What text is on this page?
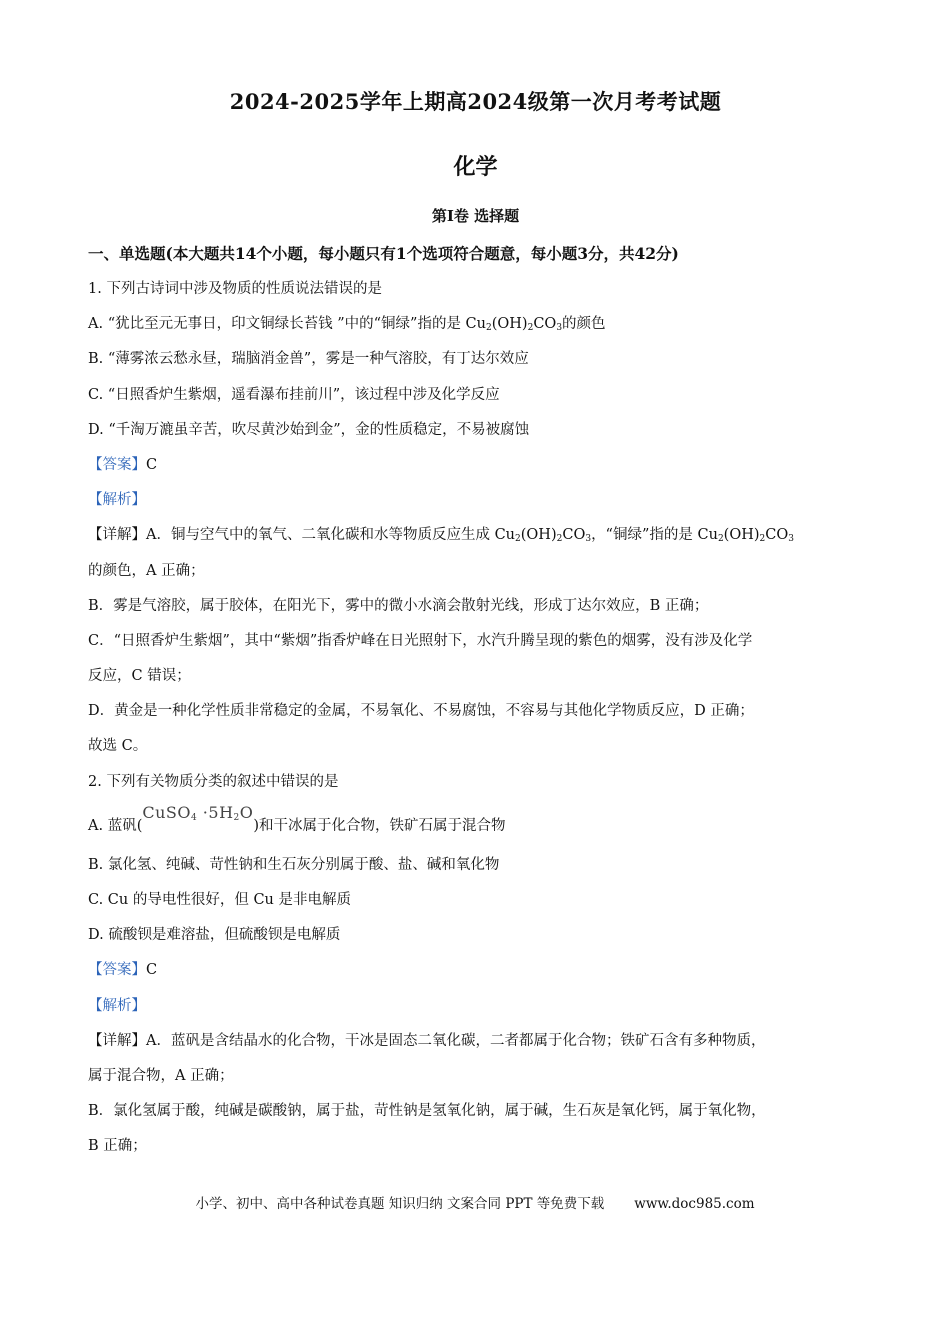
2024-2025学年上期高2024级第一次月考考试题
化学
第Ⅰ卷 选择题
一、单选题(本大题共14个小题，每小题只有1个选项符合题意，每小题3分，共42分)
1. 下列古诗词中涉及物质的性质说法错误的是
A. “犹比至元无事日，印文铜绿长苔钱 ”中的“铜绿”指的是 $Cu_2(OH)_2CO_3$的颜色
B. “薄雾浓云愁永昼，瑞脑消金兽”，雾是一种气溶胶，有丁达尔效应
C. “日照香炉生紫烟，遥看瀑布挂前川”，该过程中涉及化学反应
D. “千淘万漉虽辛苦，吹尽黄沙始到金”，金的性质稳定，不易被腐蚀
【答案】C
【解析】
【详解】A．铜与空气中的氧气、二氧化碳和水等物质反应生成 $Cu_2(OH)_2CO_3$，“铜绿”指的是 $Cu_2(OH)_2CO_3$
的颜色，A 正确；
B．雾是气溶胶，属于胶体，在阳光下，雾中的微小水滴会散射光线，形成丁达尔效应，B 正确；
C．“日照香炉生紫烟”，其中“紫烟”指香炉峰在日光照射下，水汽升腾呈现的紫色的烟雾，没有涉及化学
反应，C 错误；
D．黄金是一种化学性质非常稳定的金属，不易氧化、不易腐蚀，不容易与其他化学物质反应，D 正确；
故选 C。
2. 下列有关物质分类的叙述中错误的是
A. 蓝矾(CuSO$_4$ $\cdot 5H_2O$)和干冰属于化合物，铁矿石属于混合物
B. 氯化氢、纯碱、苛性钠和生石灰分别属于酸、盐、碱和氧化物
C. Cu 的导电性很好，但 Cu 是非电解质
D. 硫酸钡是难溶盐，但硫酸钡是电解质
【答案】C
【解析】
【详解】A．蓝矾是含结晶水的化合物，干冰是固态二氧化碳，二者都属于化合物；铁矿石含有多种物质，
属于混合物，A 正确；
B．氯化氢属于酸，纯碱是碳酸钠，属于盐，苛性钠是氢氧化钠，属于碱，生石灰是氧化钙，属于氧化物，
B 正确；
小学、初中、高中各种试卷真题 知识归纳 文案合同 PPT 等免费下载 www.doc985.com
